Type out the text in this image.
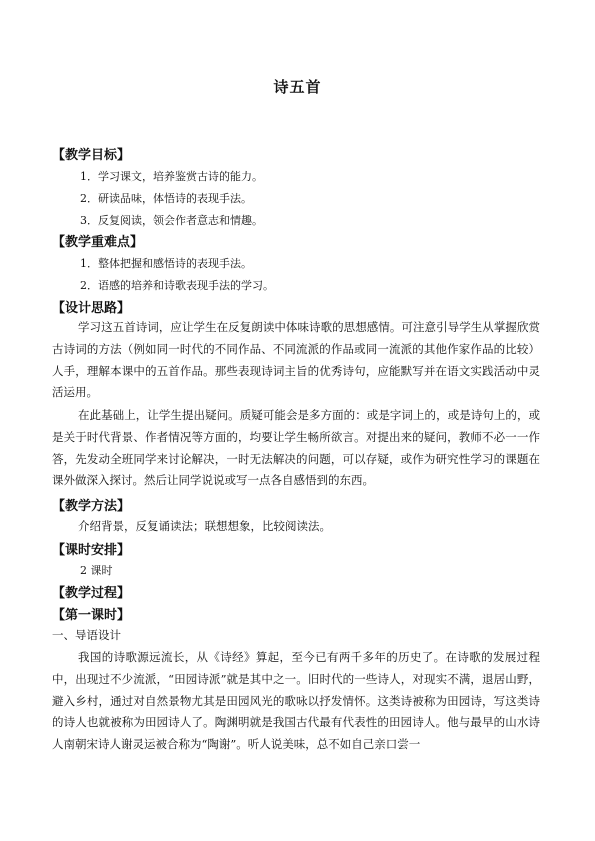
诗五首
【教学目标】
1．学习课文，培养鉴赏古诗的能力。
2．研读品味，体悟诗的表现手法。
3．反复阅读，领会作者意志和情趣。
【教学重难点】
1．整体把握和感悟诗的表现手法。
2．语感的培养和诗歌表现手法的学习。
【设计思路】
学习这五首诗词，应让学生在反复朗读中体味诗歌的思想感情。可注意引导学生从掌握欣赏古诗词的方法（例如同一时代的不同作品、不同流派的作品或同一流派的其他作家作品的比较）人手，理解本课中的五首作品。那些表现诗词主旨的优秀诗句，应能默写并在语文实践活动中灵活运用。
在此基础上，让学生提出疑问。质疑可能会是多方面的：或是字词上的，或是诗句上的，或是关于时代背景、作者情况等方面的，均要让学生畅所欲言。对提出来的疑问，教师不必一一作答，先发动全班同学来讨论解决，一时无法解决的问题，可以存疑，或作为研究性学习的课题在课外做深入探讨。然后让同学说说或写一点各自感悟到的东西。
【教学方法】
介绍背景，反复诵读法；联想想象，比较阅读法。
【课时安排】
2 课时
【教学过程】
【第一课时】
一、导语设计
我国的诗歌源远流长，从《诗经》算起，至今已有两千多年的历史了。在诗歌的发展过程中，出现过不少流派，“田园诗派”就是其中之一。旧时代的一些诗人，对现实不满，退居山野，避入乡村，通过对自然景物尤其是田园风光的歌咏以抒发情怀。这类诗被称为田园诗，写这类诗的诗人也就被称为田园诗人了。陶渊明就是我国古代最有代表性的田园诗人。他与最早的山水诗人南朝宋诗人谢灵运被合称为“陶谢”。听人说美味，总不如自己亲口尝一
